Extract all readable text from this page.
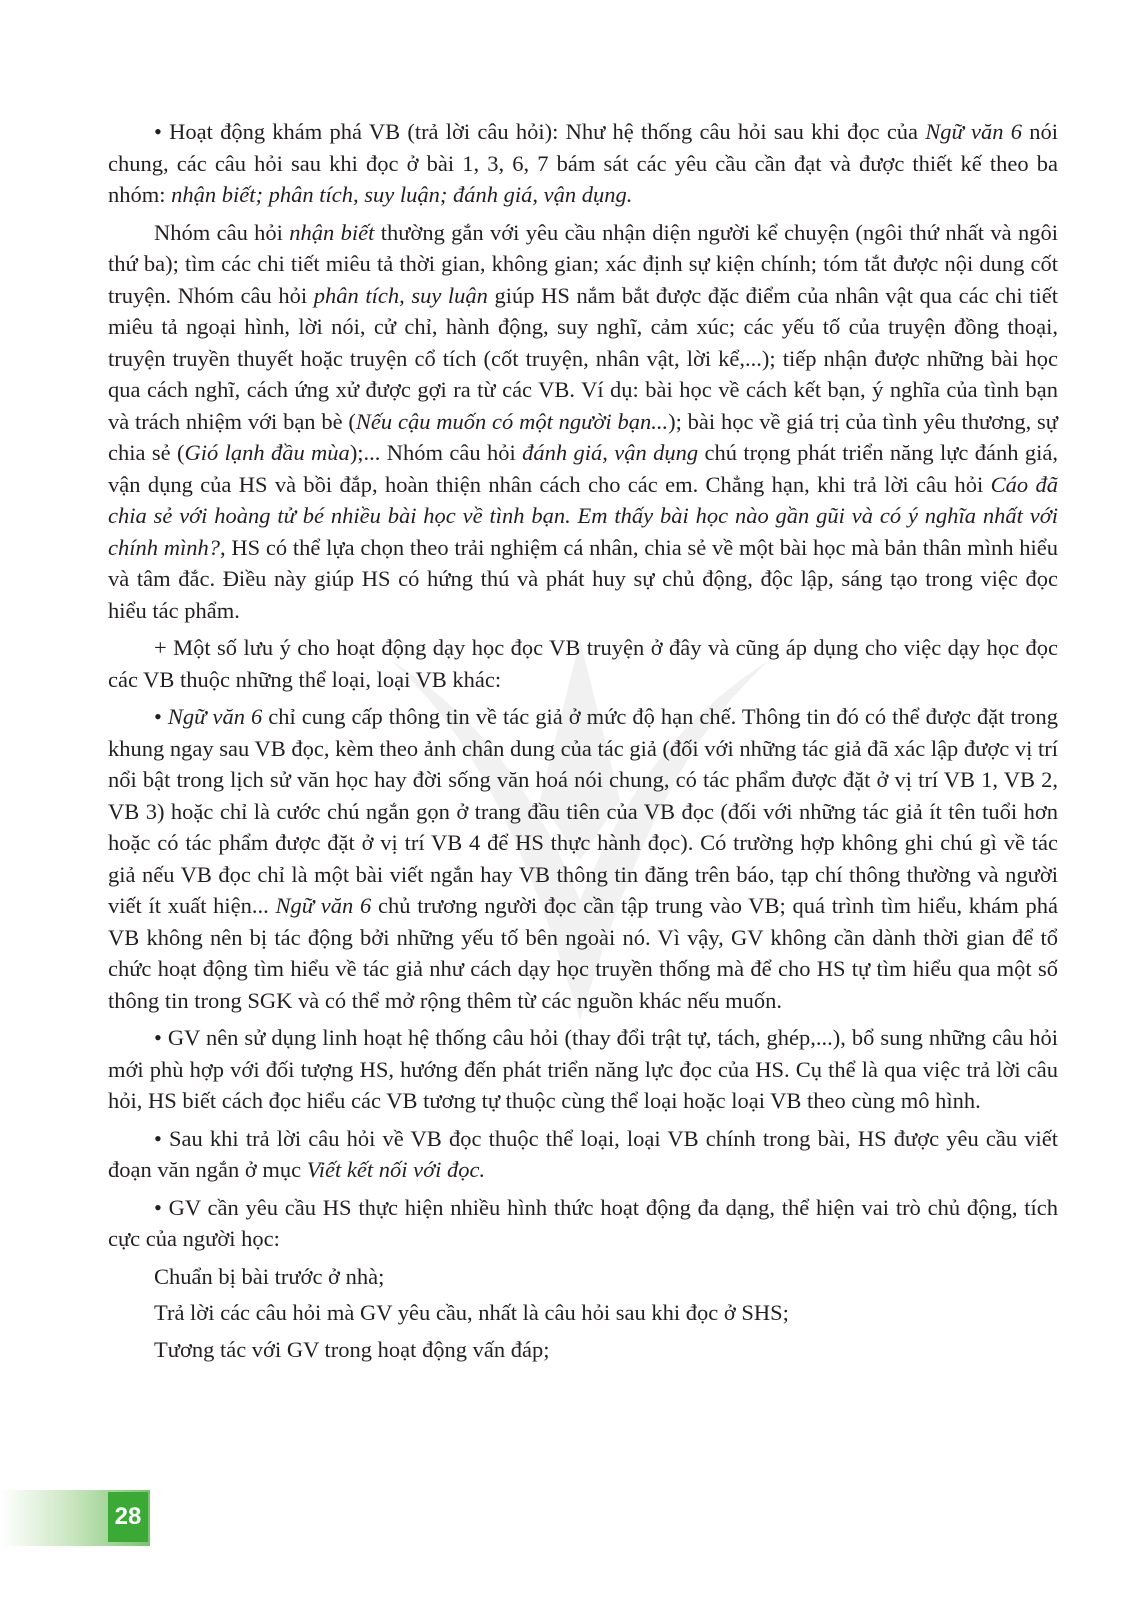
• Hoạt động khám phá VB (trả lời câu hỏi): Như hệ thống câu hỏi sau khi đọc của Ngữ văn 6 nói chung, các câu hỏi sau khi đọc ở bài 1, 3, 6, 7 bám sát các yêu cầu cần đạt và được thiết kế theo ba nhóm: nhận biết; phân tích, suy luận; đánh giá, vận dụng.

Nhóm câu hỏi nhận biết thường gắn với yêu cầu nhận diện người kể chuyện (ngôi thứ nhất và ngôi thứ ba); tìm các chi tiết miêu tả thời gian, không gian; xác định sự kiện chính; tóm tắt được nội dung cốt truyện. Nhóm câu hỏi phân tích, suy luận giúp HS nắm bắt được đặc điểm của nhân vật qua các chi tiết miêu tả ngoại hình, lời nói, cử chỉ, hành động, suy nghĩ, cảm xúc; các yếu tố của truyện đồng thoại, truyện truyền thuyết hoặc truyện cổ tích (cốt truyện, nhân vật, lời kể,...); tiếp nhận được những bài học qua cách nghĩ, cách ứng xử được gợi ra từ các VB. Ví dụ: bài học về cách kết bạn, ý nghĩa của tình bạn và trách nhiệm với bạn bè (Nếu cậu muốn có một người bạn...); bài học về giá trị của tình yêu thương, sự chia sẻ (Gió lạnh đầu mùa);... Nhóm câu hỏi đánh giá, vận dụng chú trọng phát triển năng lực đánh giá, vận dụng của HS và bồi đắp, hoàn thiện nhân cách cho các em. Chẳng hạn, khi trả lời câu hỏi Cáo đã chia sẻ với hoàng tử bé nhiều bài học về tình bạn. Em thấy bài học nào gần gũi và có ý nghĩa nhất với chính mình?, HS có thể lựa chọn theo trải nghiệm cá nhân, chia sẻ về một bài học mà bản thân mình hiểu và tâm đắc. Điều này giúp HS có hứng thú và phát huy sự chủ động, độc lập, sáng tạo trong việc đọc hiểu tác phẩm.

+ Một số lưu ý cho hoạt động dạy học đọc VB truyện ở đây và cũng áp dụng cho việc dạy học đọc các VB thuộc những thể loại, loại VB khác:

• Ngữ văn 6 chỉ cung cấp thông tin về tác giả ở mức độ hạn chế. Thông tin đó có thể được đặt trong khung ngay sau VB đọc, kèm theo ảnh chân dung của tác giả (đối với những tác giả đã xác lập được vị trí nổi bật trong lịch sử văn học hay đời sống văn hoá nói chung, có tác phẩm được đặt ở vị trí VB 1, VB 2, VB 3) hoặc chỉ là cước chú ngắn gọn ở trang đầu tiên của VB đọc (đối với những tác giả ít tên tuổi hơn hoặc có tác phẩm được đặt ở vị trí VB 4 để HS thực hành đọc). Có trường hợp không ghi chú gì về tác giả nếu VB đọc chỉ là một bài viết ngắn hay VB thông tin đăng trên báo, tạp chí thông thường và người viết ít xuất hiện... Ngữ văn 6 chủ trương người đọc cần tập trung vào VB; quá trình tìm hiểu, khám phá VB không nên bị tác động bởi những yếu tố bên ngoài nó. Vì vậy, GV không cần dành thời gian để tổ chức hoạt động tìm hiểu về tác giả như cách dạy học truyền thống mà để cho HS tự tìm hiểu qua một số thông tin trong SGK và có thể mở rộng thêm từ các nguồn khác nếu muốn.

• GV nên sử dụng linh hoạt hệ thống câu hỏi (thay đổi trật tự, tách, ghép,...), bổ sung những câu hỏi mới phù hợp với đối tượng HS, hướng đến phát triển năng lực đọc của HS. Cụ thể là qua việc trả lời câu hỏi, HS biết cách đọc hiểu các VB tương tự thuộc cùng thể loại hoặc loại VB theo cùng mô hình.

• Sau khi trả lời câu hỏi về VB đọc thuộc thể loại, loại VB chính trong bài, HS được yêu cầu viết đoạn văn ngắn ở mục Viết kết nối với đọc.

• GV cần yêu cầu HS thực hiện nhiều hình thức hoạt động đa dạng, thể hiện vai trò chủ động, tích cực của người học:

Chuẩn bị bài trước ở nhà;

Trả lời các câu hỏi mà GV yêu cầu, nhất là câu hỏi sau khi đọc ở SHS;

Tương tác với GV trong hoạt động vấn đáp;

28
